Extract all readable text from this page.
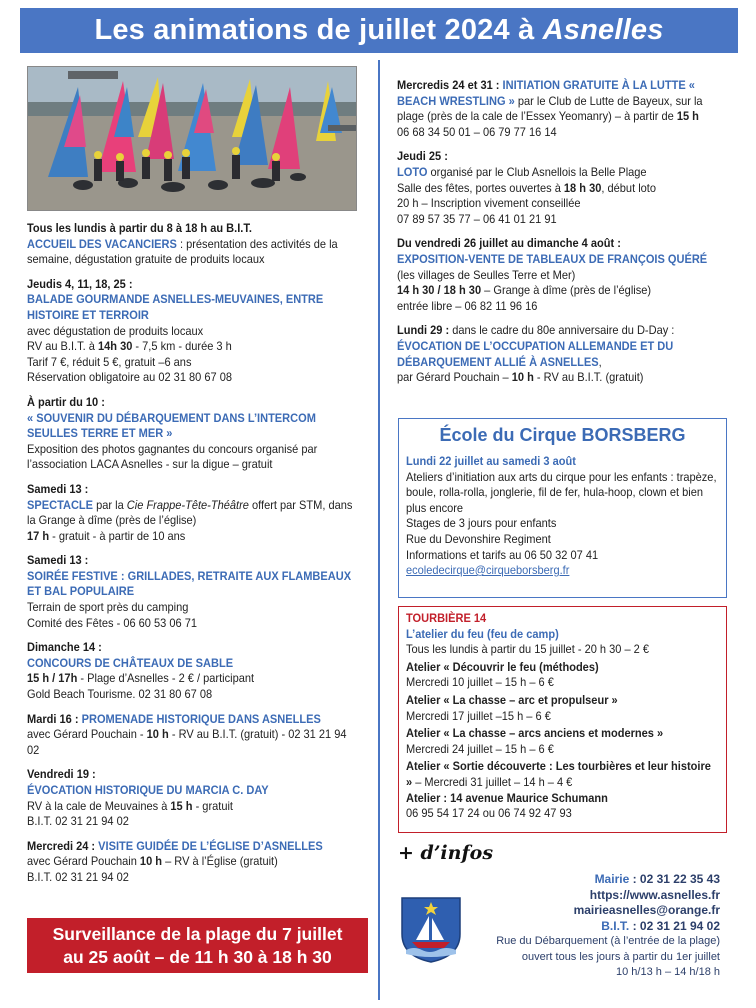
Les animations de juillet 2024 à Asnelles
Tous les lundis à partir du 8 à 18 h au B.I.T.
ACCUEIL DES VACANCIERS : présentation des activités de la semaine, dégustation gratuite de produits locaux
Jeudis 4, 11, 18, 25 :
BALADE GOURMANDE ASNELLES-MEUVAINES, ENTRE HISTOIRE ET TERROIR
avec dégustation de produits locaux
RV au B.I.T. à 14h 30 - 7,5 km - durée 3 h
Tarif 7 €, réduit 5 €, gratuit –6 ans
Réservation obligatoire au 02 31 80 67 08
À partir du 10 :
« SOUVENIR DU DÉBARQUEMENT DANS L’INTERCOM SEULLES TERRE ET MER »
Exposition des photos gagnantes du concours organisé par l’association LACA Asnelles - sur la digue – gratuit
Samedi 13 :
SPECTACLE par la Cie Frappe-Tête-Théâtre offert par STM, dans la Grange à dîme (près de l’église)
17 h - gratuit - à partir de 10 ans
Samedi 13 :
SOIRÉE FESTIVE : GRILLADES, RETRAITE AUX FLAMBEAUX ET BAL POPULAIRE
Terrain de sport près du camping
Comité des Fêtes - 06 60 53 06 71
Dimanche 14 :
CONCOURS DE CHÂTEAUX DE SABLE
15 h / 17h - Plage d’Asnelles - 2 € / participant
Gold Beach Tourisme. 02 31 80 67 08
Mardi 16 : PROMENADE HISTORIQUE DANS ASNELLES
avec Gérard Pouchain - 10 h - RV au B.I.T. (gratuit) - 02 31 21 94 02
Vendredi 19 :
ÉVOCATION HISTORIQUE DU MARCIA C. DAY
RV à la cale de Meuvaines à 15 h - gratuit
B.I.T. 02 31 21 94 02
Mercredi 24 : VISITE GUIDÉE DE L’ÉGLISE D’ASNELLES
avec Gérard Pouchain 10 h – RV à l’Église (gratuit)
B.I.T. 02 31 21 94 02
Surveillance de la plage du 7 juillet
au 25 août – de 11 h 30 à 18 h 30
Mercredis 24 et 31 : INITIATION GRATUITE À LA LUTTE « BEACH WRESTLING » par le Club de Lutte de Bayeux, sur la plage (près de la cale de l’Essex Yeomanry) – à partir de 15 h
06 68 34 50 01 – 06 79 77 16 14
Jeudi 25 :
LOTO organisé par le Club Asnellois la Belle Plage
Salle des fêtes, portes ouvertes à 18 h 30, début loto
20 h – Inscription vivement conseillée
07 89 57 35 77 – 06 41 01 21 91
Du vendredi 26 juillet au dimanche 4 août :
EXPOSITION-VENTE DE TABLEAUX DE FRANÇOIS QUÉRÉ (les villages de Seulles Terre et Mer)
14 h 30 / 18 h 30 – Grange à dîme (près de l’église)
entrée libre – 06 82 11 96 16
Lundi 29 : dans le cadre du 80e anniversaire du D-Day :
ÉVOCATION DE L’OCCUPATION ALLEMANDE ET DU DÉBARQUEMENT ALLIÉ À ASNELLES,
par Gérard Pouchain – 10 h - RV au B.I.T. (gratuit)
École du Cirque BORSBERG
Lundi 22 juillet au samedi 3 août
Ateliers d’initiation aux arts du cirque pour les enfants : trapèze, boule, rolla-rolla, jonglerie, fil de fer, hula-hoop, clown et bien plus encore
Stages de 3 jours pour enfants
Rue du Devonshire Regiment
Informations et tarifs au 06 50 32 07 41
ecoledecirque@cirqueborsberg.fr
TOURBIÈRE 14
L’atelier du feu (feu de camp)
Tous les lundis à partir du 15 juillet - 20 h 30 – 2 €
Atelier « Découvrir le feu (méthodes)
Mercredi 10 juillet – 15 h – 6 €
Atelier « La chasse – arc et propulseur »
Mercredi 17 juillet –15 h – 6 €
Atelier « La chasse – arcs anciens et modernes »
Mercredi 24 juillet – 15 h – 6 €
Atelier « Sortie découverte : Les tourbières et leur histoire » – Mercredi 31 juillet – 14 h – 4 €
Atelier : 14 avenue Maurice Schumann
06 95 54 17 24 ou 06 74 92 47 93
+ d’infos
Mairie : 02 31 22 35 43
https://www.asnelles.fr
mairieasnelles@orange.fr
B.I.T. : 02 31 21 94 02
Rue du Débarquement (à l’entrée de la plage)
ouvert tous les jours à partir du 1er juillet
10 h/13 h – 14 h/18 h
